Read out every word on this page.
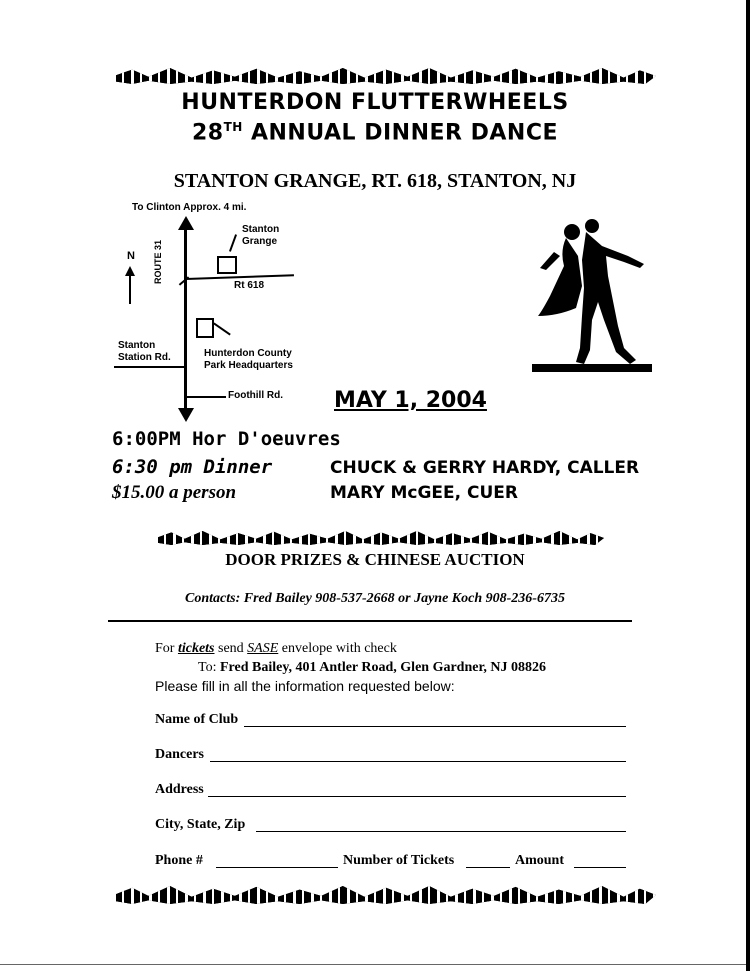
HUNTERDON FLUTTERWHEELS
28TH ANNUAL DINNER DANCE
STANTON GRANGE, RT. 618, STANTON, NJ
To Clinton Approx. 4 mi.
N ROUTE 31
Stanton
Grange
Rt 618
Hunterdon County
Park Headquarters
Stanton
Station Rd.
Foothill Rd. MAY 1, 2004
6:00PM Hor D'oeuvres
6:30 pm Dinner
$15.00 a person
CHUCK & GERRY HARDY, CALLER
MARY McGEE, CUER
DOOR PRIZES & CHINESE AUCTION
Contacts: Fred Bailey 908-537-2668 or Jayne Koch 908-236-6735
For tickets send SASE envelope with check
To: Fred Bailey, 401 Antler Road, Glen Gardner, NJ 08826
Please fill in all the information requested below:
Name of Club
Dancers
Address
City, State, Zip
Phone #	Number of Tickets	Amount
